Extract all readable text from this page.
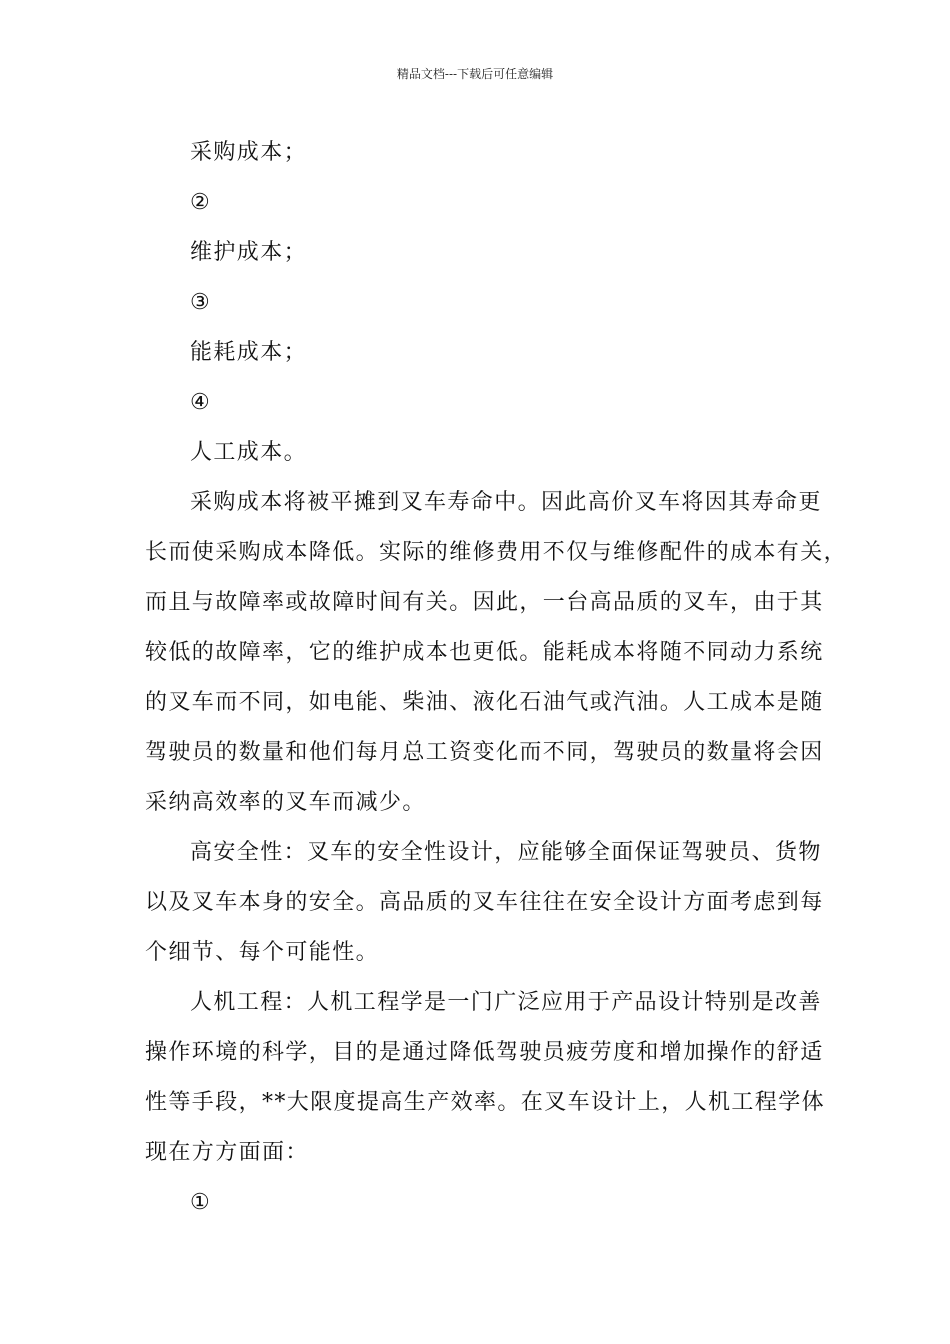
精品文档---下载后可任意编辑
采购成本；
②
维护成本；
③
能耗成本；
④
人工成本。
采购成本将被平摊到叉车寿命中。因此高价叉车将因其寿命更
长而使采购成本降低。实际的维修费用不仅与维修配件的成本有关，
而且与故障率或故障时间有关。因此，一台高品质的叉车，由于其
较低的故障率，它的维护成本也更低。能耗成本将随不同动力系统
的叉车而不同，如电能、柴油、液化石油气或汽油。人工成本是随
驾驶员的数量和他们每月总工资变化而不同，驾驶员的数量将会因
采纳高效率的叉车而减少。
高安全性：叉车的安全性设计，应能够全面保证驾驶员、货物
以及叉车本身的安全。高品质的叉车往往在安全设计方面考虑到每
个细节、每个可能性。
人机工程：人机工程学是一门广泛应用于产品设计特别是改善
操作环境的科学，目的是通过降低驾驶员疲劳度和增加操作的舒适
性等手段，**大限度提高生产效率。在叉车设计上，人机工程学体
现在方方面面：
①
